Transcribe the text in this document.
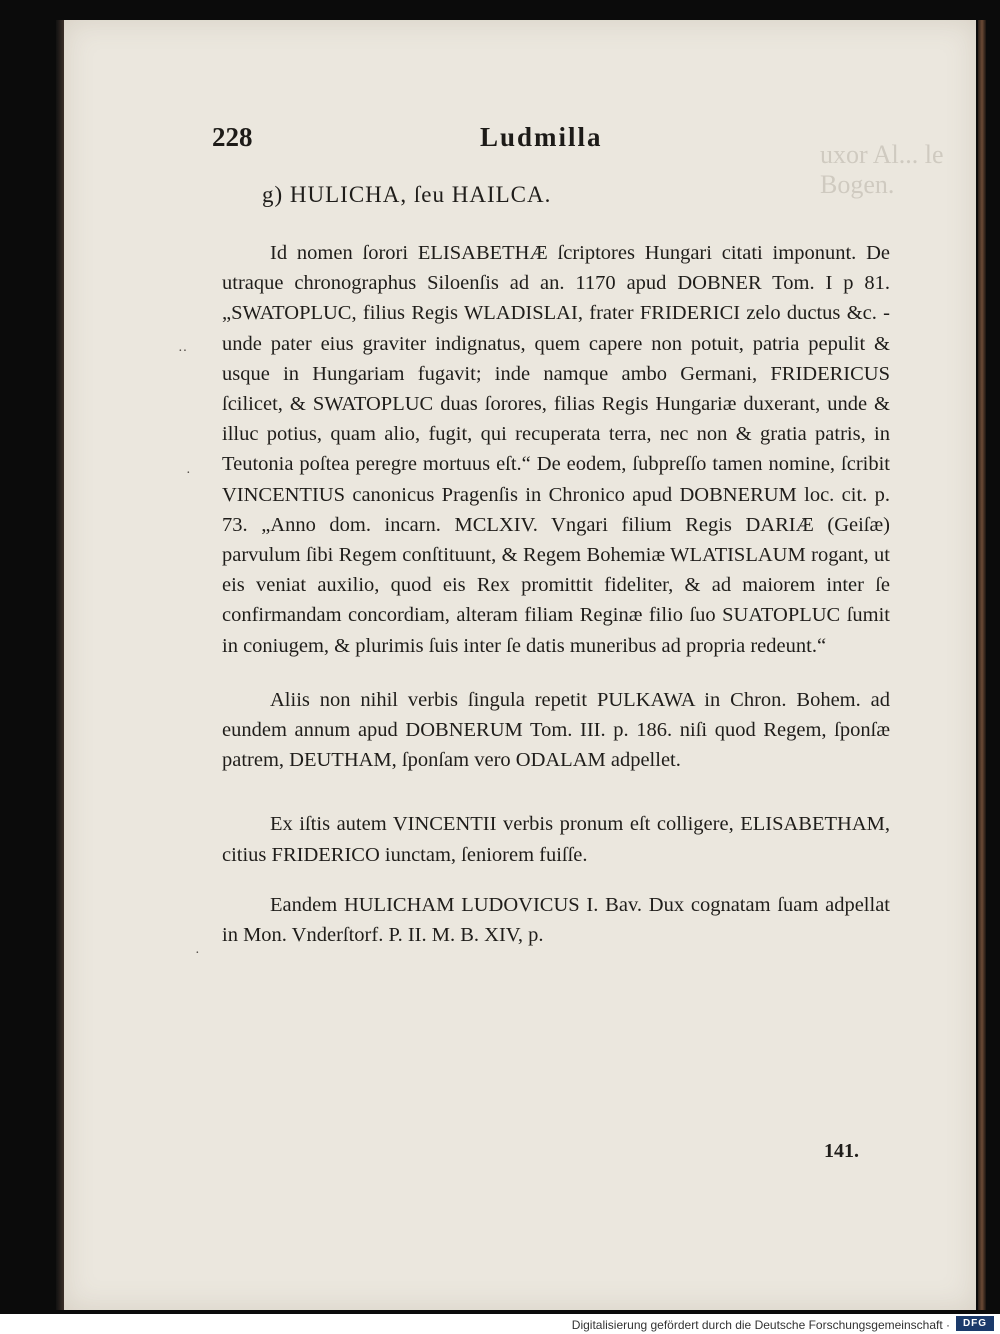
uxor Al... le Bogen.
228	Ludmilla
··
·
·
g) HULICHA, ſeu HAILCA.

Id nomen ſorori ELISABETHÆ ſcriptores Hungari citati imponunt. De utraque chronographus Siloenſis ad an. 1170 apud DOBNER Tom. I p 81. „SWATOPLUC, filius Regis WLADISLAI, frater FRIDERICI zelo ductus &c. - unde pater eius graviter indignatus, quem capere non potuit, patria pepulit & usque in Hungariam fugavit; inde namque ambo Germani, FRIDERICUS ſcilicet, & SWATOPLUC duas ſorores, filias Regis Hungariæ duxerant, unde & illuc potius, quam alio, fugit, qui recuperata terra, nec non & gratia patris, in Teutonia poſtea peregre mortuus eſt.“ De eodem, ſubpreſſo tamen nomine, ſcribit VINCENTIUS canonicus Pragenſis in Chronico apud DOBNERUM loc. cit. p. 73. „Anno dom. incarn. MCLXIV. Vngari filium Regis DARIÆ (Geiſæ) parvulum ſibi Regem conſtituunt, & Regem Bohemiæ WLATISLAUM rogant, ut eis veniat auxilio, quod eis Rex promittit fideliter, & ad maiorem inter ſe confirmandam concordiam, alteram filiam Reginæ filio ſuo SUATOPLUC ſumit in coniugem, & plurimis ſuis inter ſe datis muneribus ad propria redeunt.“

Aliis non nihil verbis ſingula repetit PULKAWA in Chron. Bohem. ad eundem annum apud DOBNERUM Tom. III. p. 186. niſi quod Regem, ſponſæ patrem, DEUTHAM, ſponſam vero ODALAM adpellet.

Ex iſtis autem VINCENTII verbis pronum eſt colligere, ELISABETHAM, citius FRIDERICO iunctam, ſeniorem fuiſſe.

Eandem HULICHAM LUDOVICUS I. Bav. Dux cognatam ſuam adpellat in Mon. Vnderſtorf. P. II. M. B. XIV, p.

141.
Digitalisierung gefördert durch die Deutsche Forschungsgemeinschaft ·	DFG
